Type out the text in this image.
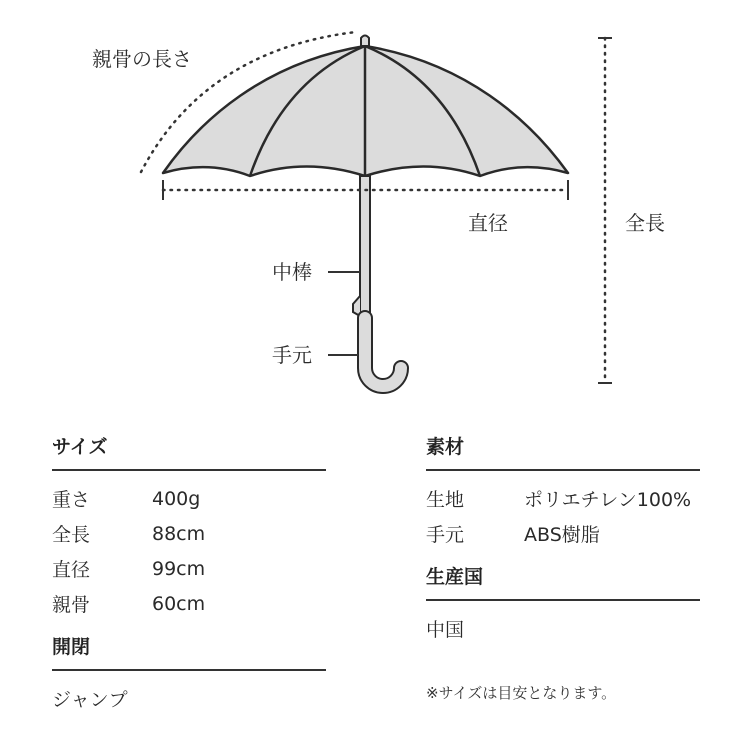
親骨の長さ
直径	全長
中棒
手元
サイズ
重さ	400g
全長	88cm
直径	99cm
親骨	60cm
開閉
ジャンプ
素材
生地	ポリエチレン100%
手元	ABS樹脂
生産国
中国
※サイズは目安となります。
